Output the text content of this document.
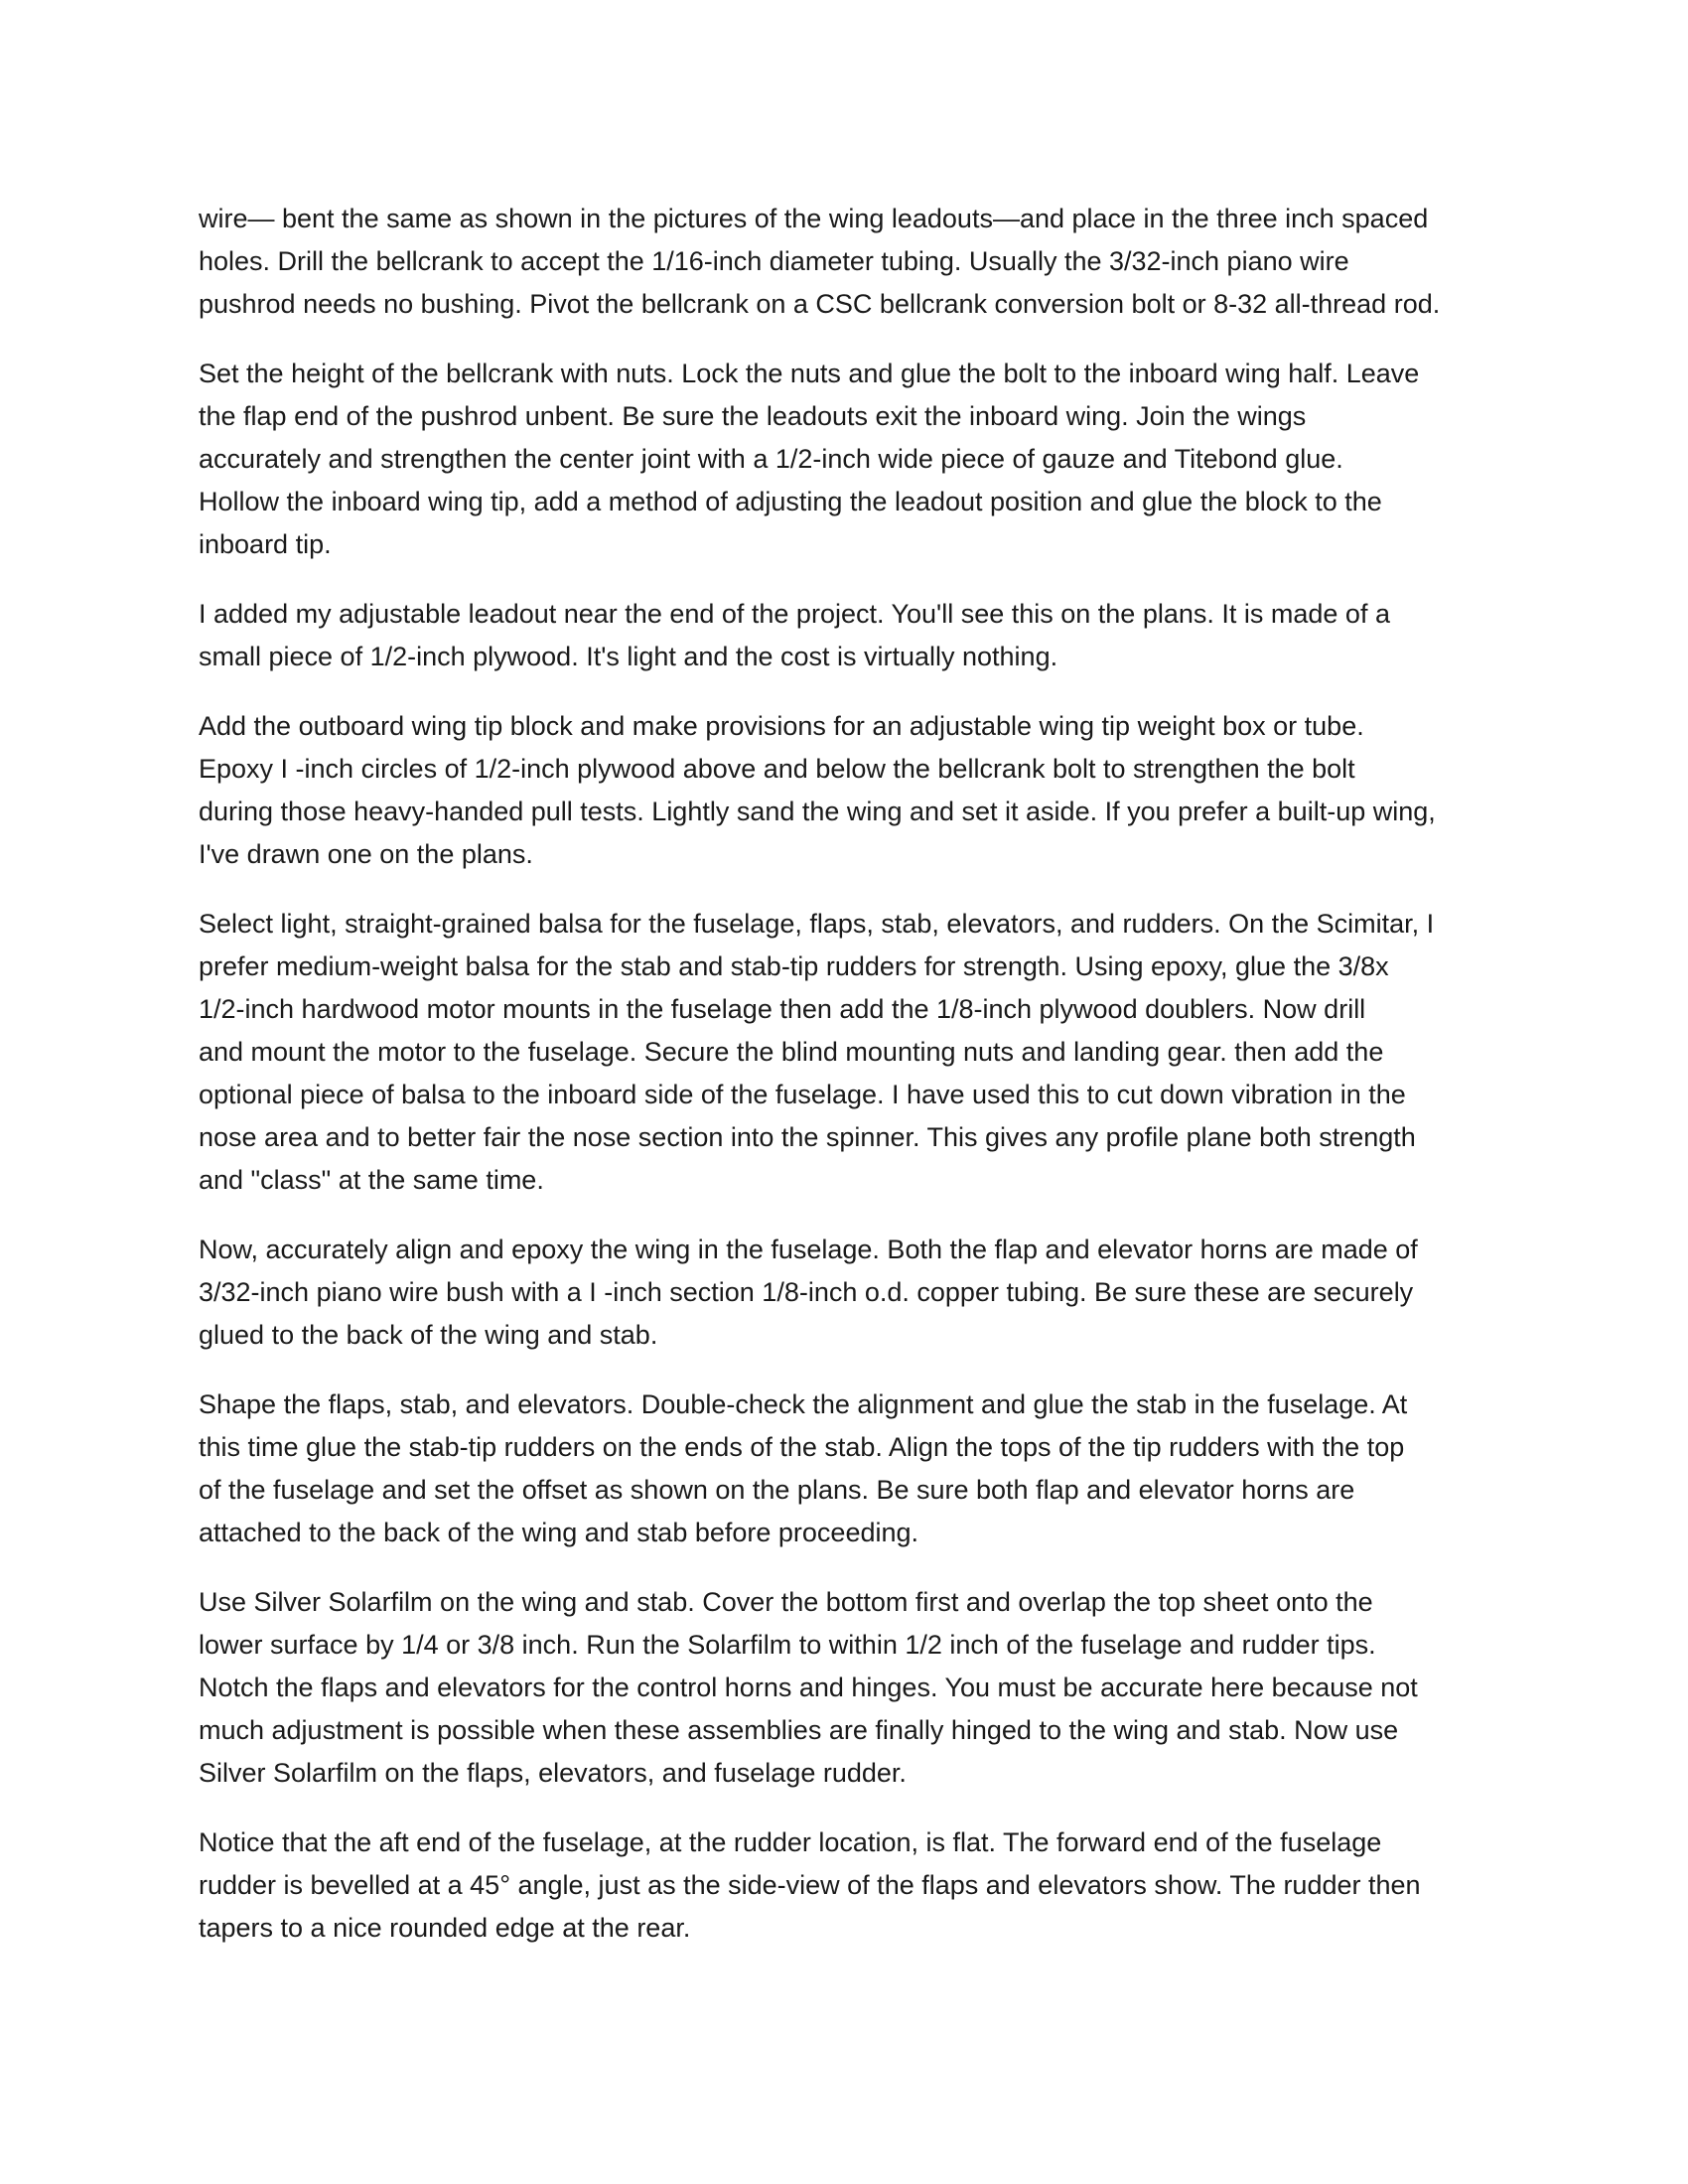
wire— bent the same as shown in the pictures of the wing leadouts—and place in the three inch spaced
holes. Drill the bellcrank to accept the 1/16-inch diameter tubing. Usually the 3/32-inch piano wire
pushrod needs no bushing. Pivot the bellcrank on a CSC bellcrank conversion bolt or 8-32 all-thread rod.

Set the height of the bellcrank with nuts. Lock the nuts and glue the bolt to the inboard wing half. Leave
the flap end of the pushrod unbent. Be sure the leadouts exit the inboard wing. Join the wings
accurately and strengthen the center joint with a 1/2-inch wide piece of gauze and Titebond glue.
Hollow the inboard wing tip, add a method of adjusting the leadout position and glue the block to the
inboard tip.

I added my adjustable leadout near the end of the project. You'll see this on the plans. It is made of a
small piece of 1/2-inch plywood. It's light and the cost is virtually nothing.

Add the outboard wing tip block and make provisions for an adjustable wing tip weight box or tube.
Epoxy I -inch circles of 1/2-inch plywood above and below the bellcrank bolt to strengthen the bolt
during those heavy-handed pull tests. Lightly sand the wing and set it aside. If you prefer a built-up wing,
I've drawn one on the plans.

Select light, straight-grained balsa for the fuselage, flaps, stab, elevators, and rudders. On the Scimitar, I
prefer medium-weight balsa for the stab and stab-tip rudders for strength. Using epoxy, glue the 3/8x
1/2-inch hardwood motor mounts in the fuselage then add the 1/8-inch plywood doublers. Now drill
and mount the motor to the fuselage. Secure the blind mounting nuts and landing gear. then add the
optional piece of balsa to the inboard side of the fuselage. I have used this to cut down vibration in the
nose area and to better fair the nose section into the spinner. This gives any profile plane both strength
and "class" at the same time.

Now, accurately align and epoxy the wing in the fuselage. Both the flap and elevator horns are made of
3/32-inch piano wire bush with a I -inch section 1/8-inch o.d. copper tubing. Be sure these are securely
glued to the back of the wing and stab.

Shape the flaps, stab, and elevators. Double-check the alignment and glue the stab in the fuselage. At
this time glue the stab-tip rudders on the ends of the stab. Align the tops of the tip rudders with the top
of the fuselage and set the offset as shown on the plans. Be sure both flap and elevator horns are
attached to the back of the wing and stab before proceeding.

Use Silver Solarfilm on the wing and stab. Cover the bottom first and overlap the top sheet onto the
lower surface by 1/4 or 3/8 inch. Run the Solarfilm to within 1/2 inch of the fuselage and rudder tips.
Notch the flaps and elevators for the control horns and hinges. You must be accurate here because not
much adjustment is possible when these assemblies are finally hinged to the wing and stab. Now use
Silver Solarfilm on the flaps, elevators, and fuselage rudder.

Notice that the aft end of the fuselage, at the rudder location, is flat. The forward end of the fuselage
rudder is bevelled at a 45° angle, just as the side-view of the flaps and elevators show. The rudder then
tapers to a nice rounded edge at the rear.
